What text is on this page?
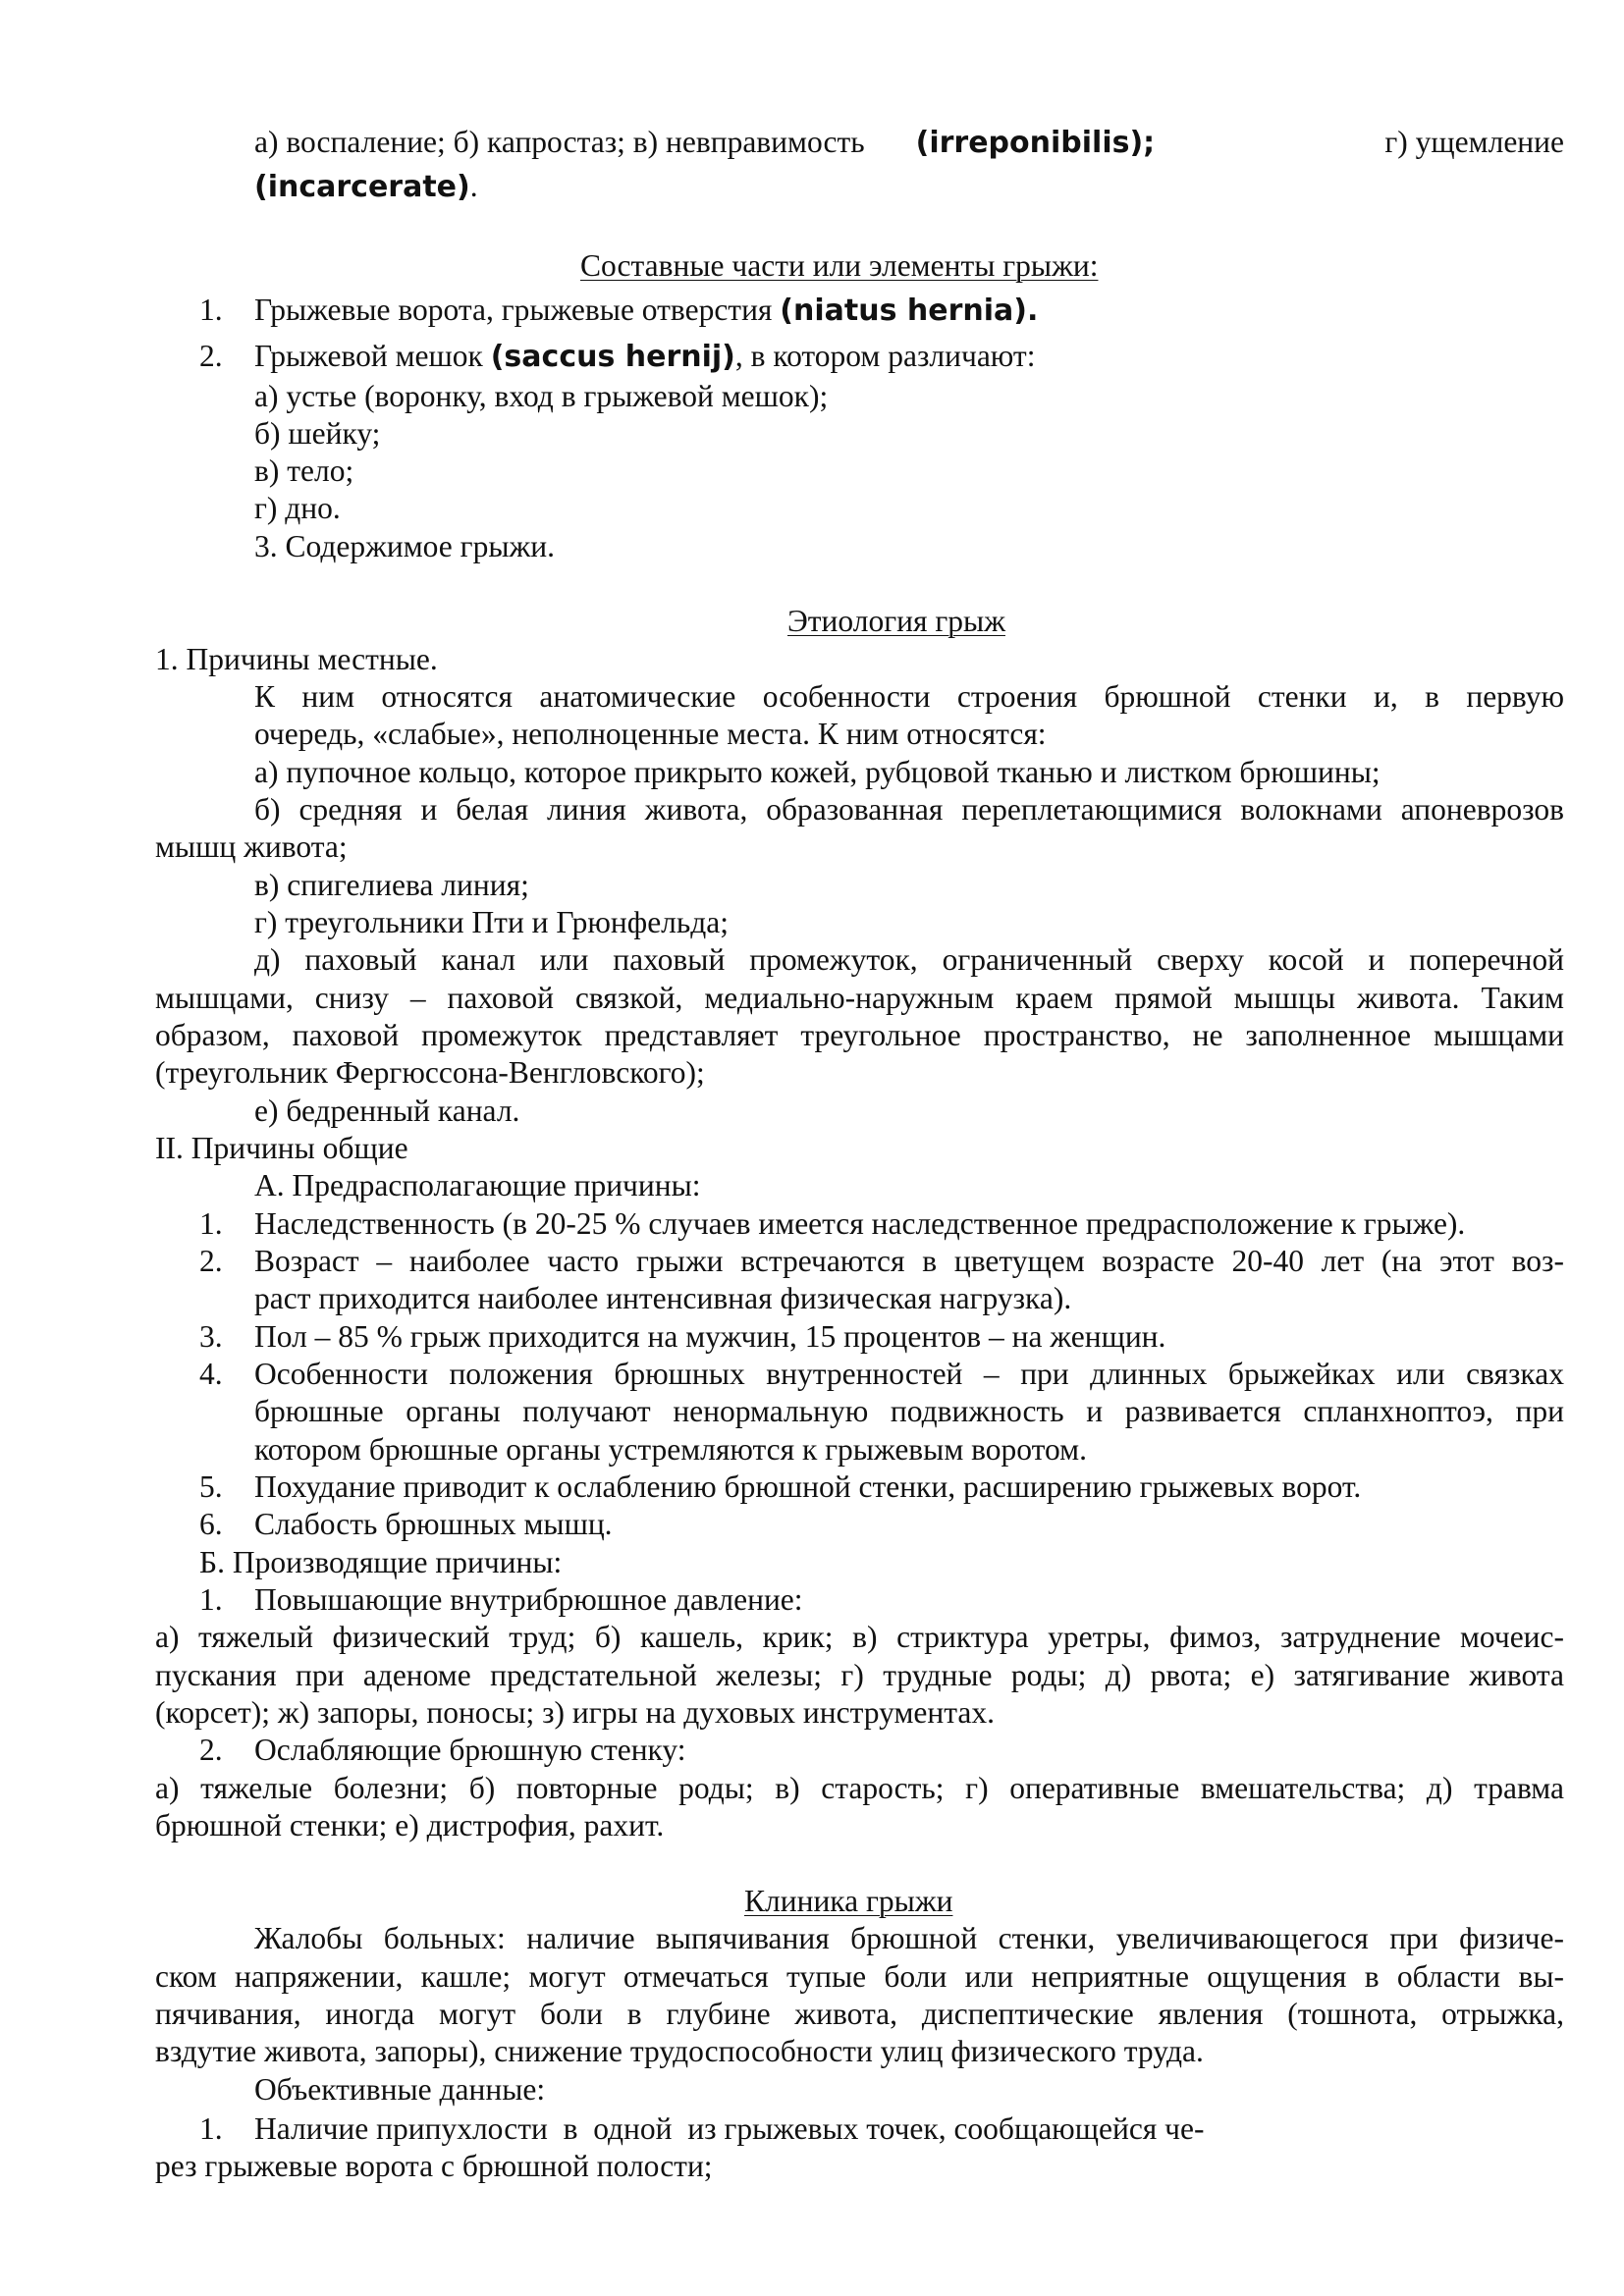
а) воспаление; б) капростаз; в) невправимость (irreponibilis);	г) ущемление
(incarcerate).
Составные части или элементы грыжи:
1. Грыжевые ворота, грыжевые отверстия (niatus hernia).
2. Грыжевой мешок (saccus hernij), в котором различают:
а) устье (воронку, вход в грыжевой мешок);
б) шейку;
в) тело;
г) дно.
3. Содержимое грыжи.
Этиология грыж
1. Причины местные.
К ним относятся анатомические особенности строения брюшной стенки и, в первую
очередь, «слабые», неполноценные места. К ним относятся:
а) пупочное кольцо, которое прикрыто кожей, рубцовой тканью и листком брюшины;
б) средняя и белая линия живота, образованная переплетающимися волокнами апоневрозов
мышц живота;
в) спигелиева линия;
г) треугольники Пти и Грюнфельда;
д) паховый канал или паховый промежуток, ограниченный сверху косой и поперечной
мышцами, снизу – паховой связкой, медиально-наружным краем прямой мышцы живота. Таким
образом, паховой промежуток представляет треугольное пространство, не заполненное мышцами
(треугольник Фергюссона-Венгловского);
е) бедренный канал.
II. Причины общие
А. Предрасполагающие причины:
1. Наследственность (в 20-25 % случаев имеется наследственное предрасположение к грыже).
2. Возраст – наиболее часто грыжи встречаются в цветущем возрасте 20-40 лет (на этот воз-
раст приходится наиболее интенсивная физическая нагрузка).
3. Пол – 85 % грыж приходится на мужчин, 15 процентов – на женщин.
4. Особенности положения брюшных внутренностей – при длинных брыжейках или связках
брюшные органы получают ненормальную подвижность и развивается спланхноптоэ, при
котором брюшные органы устремляются к грыжевым воротом.
5. Похудание приводит к ослаблению брюшной стенки, расширению грыжевых ворот.
6. Слабость брюшных мышц.
Б. Производящие причины:
1. Повышающие внутрибрюшное давление:
а) тяжелый физический труд; б) кашель, крик; в) стриктура уретры, фимоз, затруднение мочеис-
пускания при аденоме предстательной железы; г) трудные роды; д) рвота; е) затягивание живота
(корсет); ж) запоры, поносы; з) игры на духовых инструментах.
2. Ослабляющие брюшную стенку:
а) тяжелые болезни; б) повторные роды; в) старость; г) оперативные вмешательства; д) травма
брюшной стенки; е) дистрофия, рахит.
Клиника грыжи
Жалобы больных: наличие выпячивания брюшной стенки, увеличивающегося при физиче-
ском напряжении, кашле; могут отмечаться тупые боли или неприятные ощущения в области вы-
пячивания, иногда могут боли в глубине живота, диспептические явления (тошнота, отрыжка,
вздутие живота, запоры), снижение трудоспособности улиц физического труда.
Объективные данные:
1. Наличие припухлости  в  одной  из грыжевых точек, сообщающейся че-
рез грыжевые ворота с брюшной полости;
